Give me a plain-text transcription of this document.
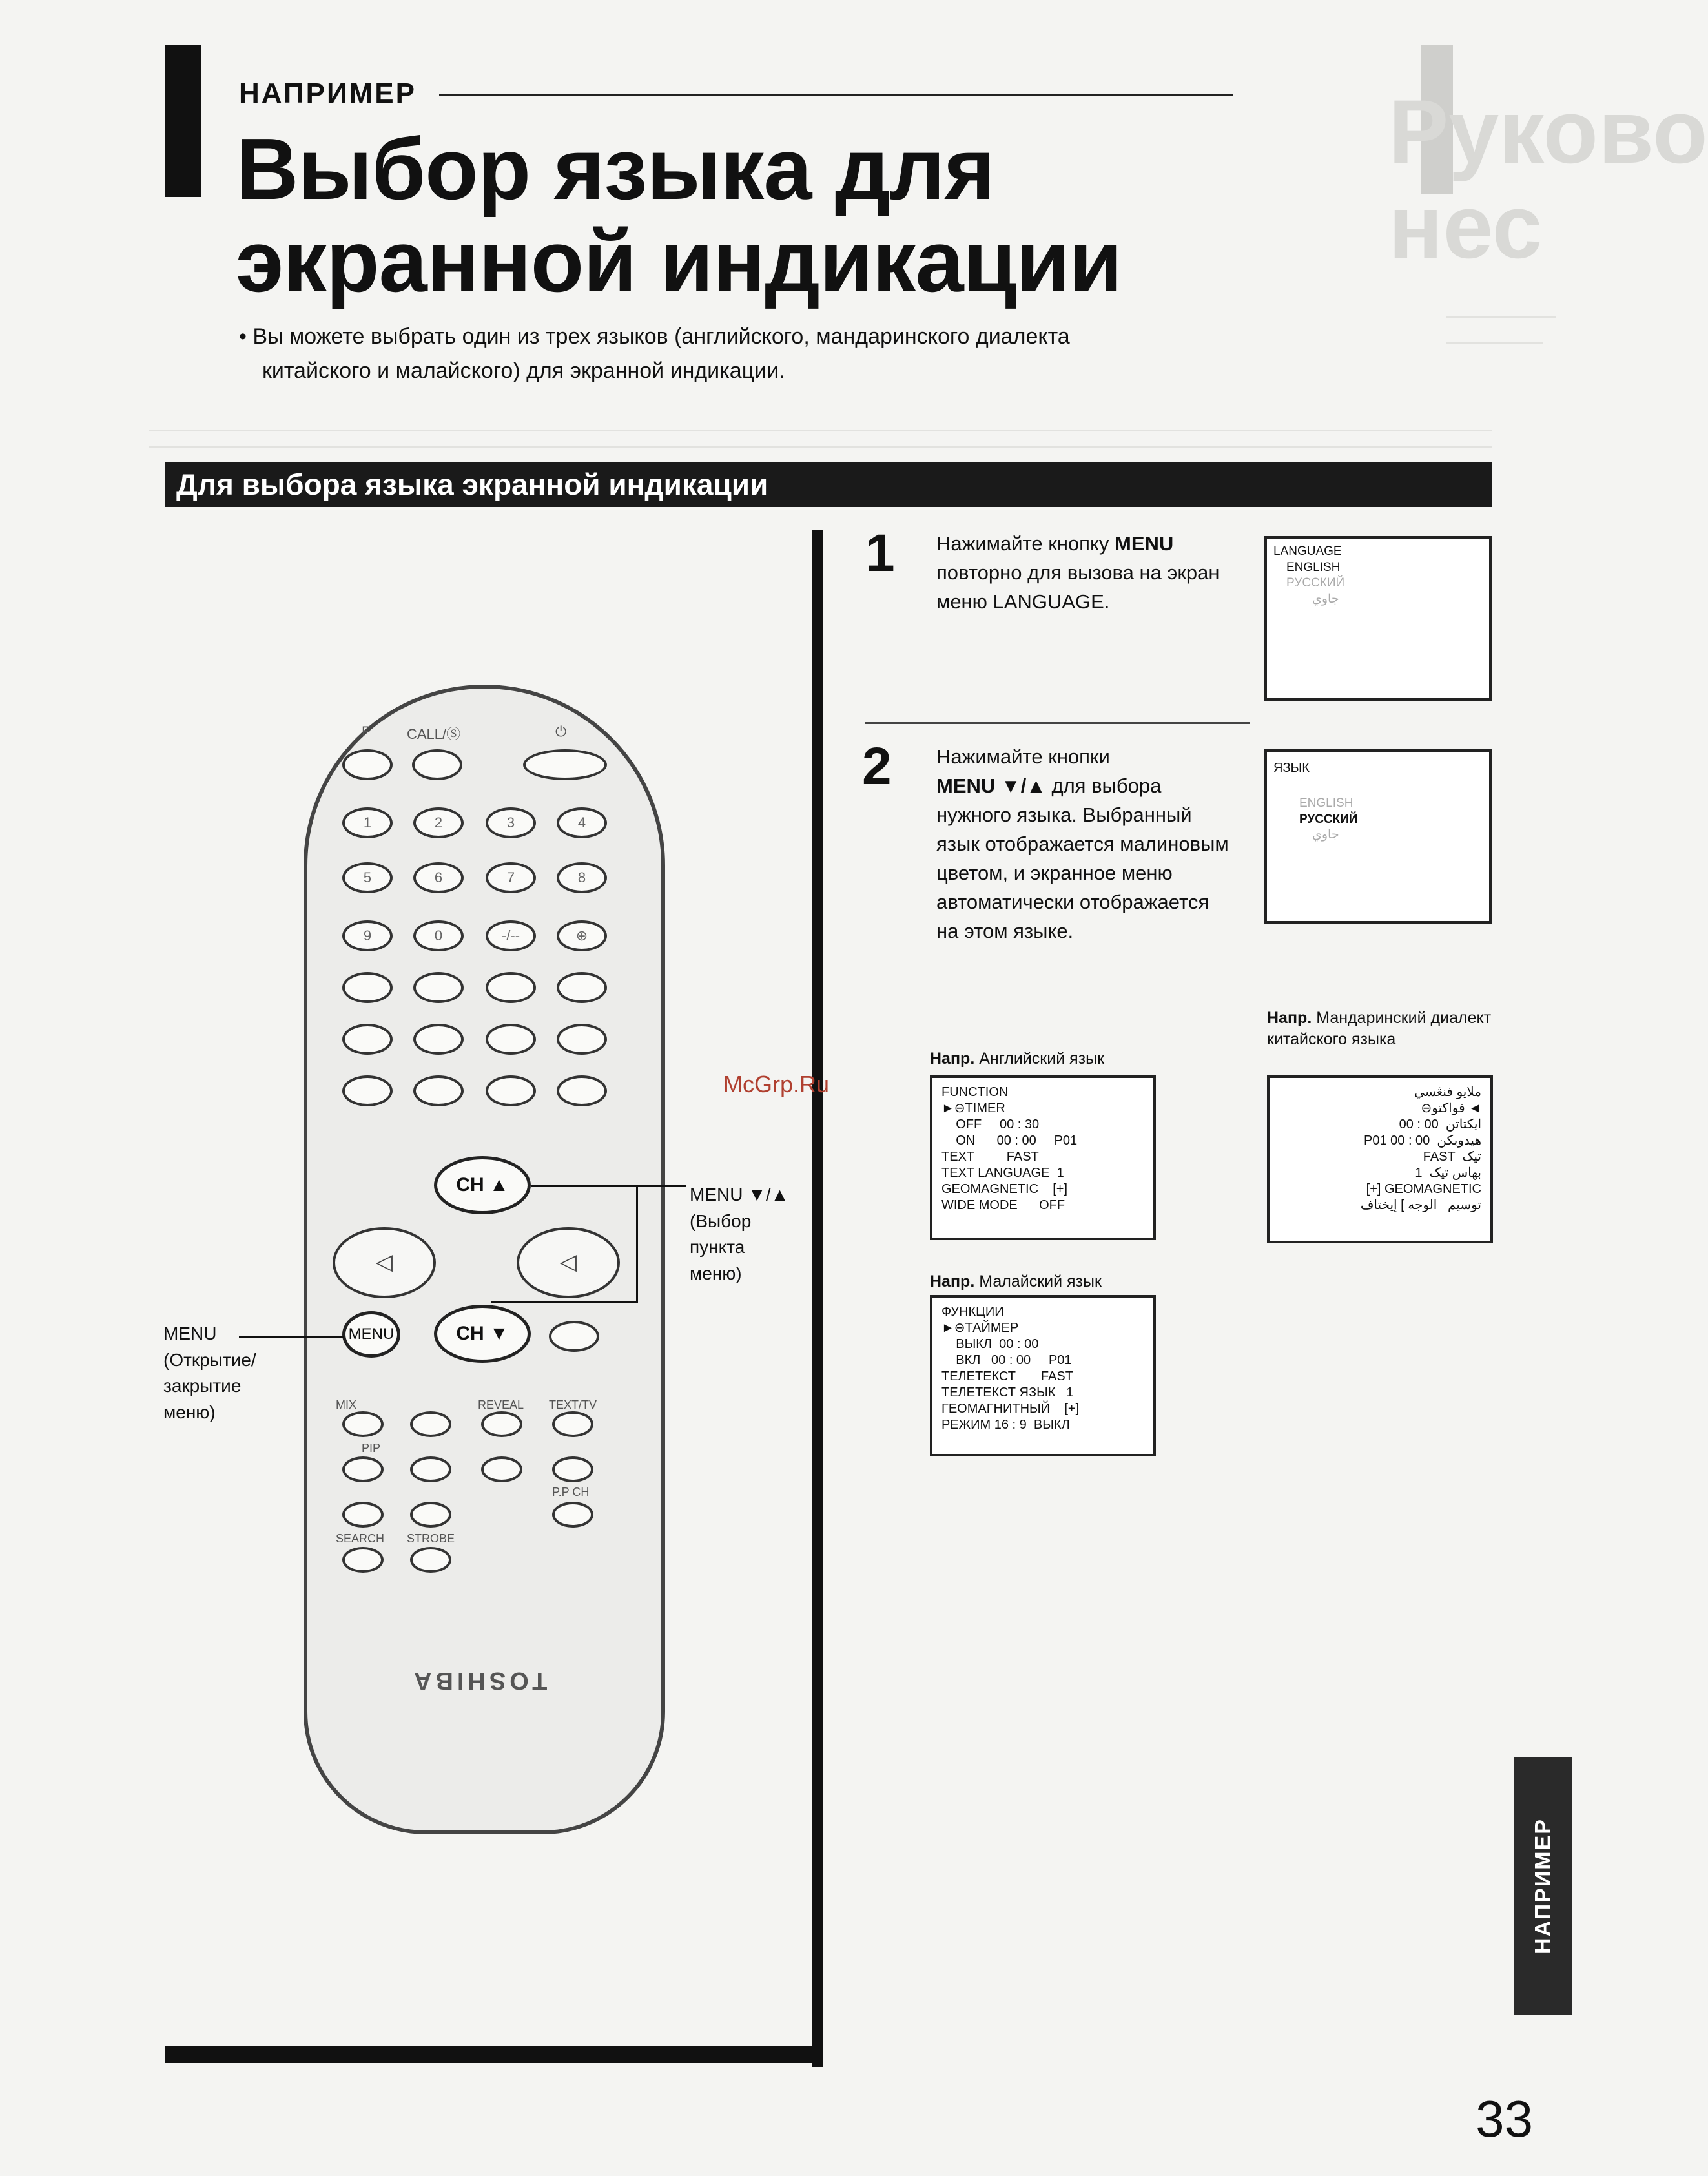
Руково
нес
НАПРИМЕР
Выбор языка для
экранной индикации
• Вы можете выбрать один из трех языков (английского, мандаринского диалекта
китайского и малайского) для экранной индикации.
Для выбора языка экранной индикации
F	CALL/Ⓢ	⏻
1	2	3	4
5	6	7	8
9	0	-/--	⊕
CH ▲
◁	◁
CH ▼
MENU
MIX	REVEAL TEXT/TV
PIP
P.P CH
SEARCH STROBE
TOSHIBA
MENU ▼/▲
(Выбор
пункта
меню)
MENU
(Открытие/
закрытие
меню)
1 Нажимайте кнопку MENU повторно для вызова на экран меню LANGUAGE.
LANGUAGE
ENGLISH
РУССКИЙ
جاوي
2 Нажимайте кнопки
MENU ▼/▲ для выбора нужного языка. Выбранный язык отображается малиновым цветом, и экранное меню автоматически отображается на этом языке.
ЯЗЫК
ENGLISH
РУССКИЙ
جاوي
Напр. Английский язык
FUNCTION
►⊖TIMER
OFF     00 : 30
ON      00 : 00     P01
TEXT         FAST
TEXT LANGUAGE  1
GEOMAGNETIC    [+]
WIDE MODE      OFF
Напр. Мандаринский диалект китайского языка
ملايو فنڠسي
⊖فواکتو ◄
00 : 00  ايکتاتن
P01 00 : 00  هيدوبکن
FAST  تيک
1  بهاس تيک
[+] GEOMAGNETIC
توسيم   الوجه ] إيختاف
Напр. Малайский язык
ФУНКЦИИ
►⊖ТАЙМЕР
ВЫКЛ  00 : 00
ВКЛ   00 : 00     P01
ТЕЛЕТЕКСТ       FAST
ТЕЛЕТЕКСТ ЯЗЫК   1
ГЕОМАГНИТНЫЙ    [+]
РЕЖИМ 16 : 9  ВЫКЛ
McGrp.Ru
НАПРИМЕР
33
